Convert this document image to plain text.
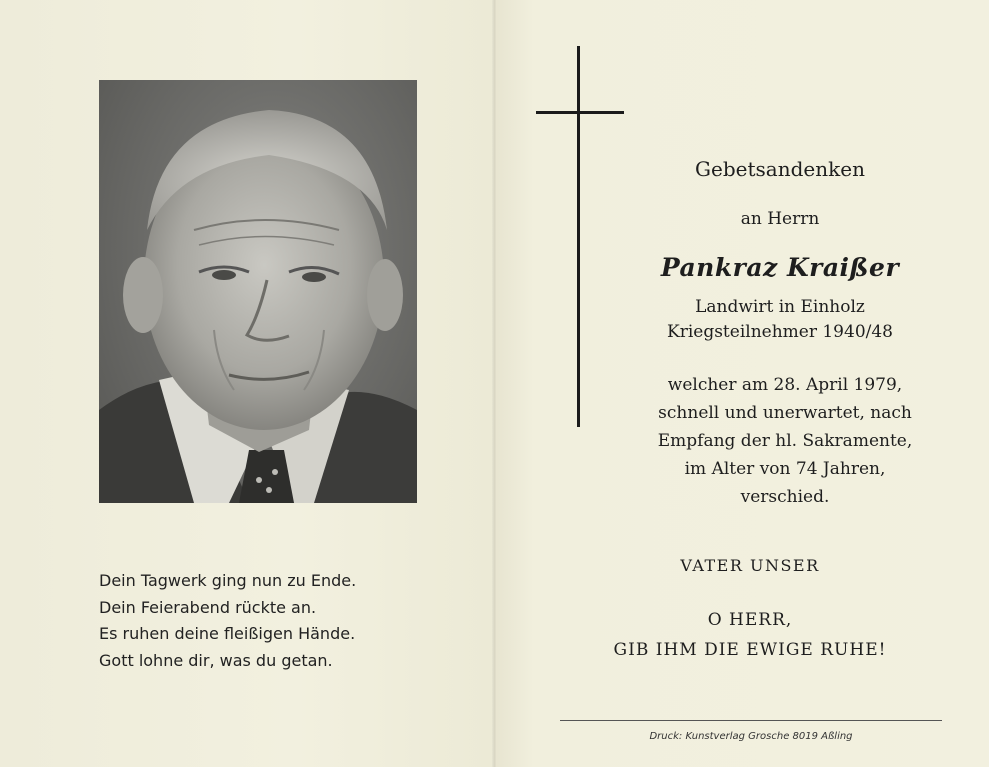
Dein Tagwerk ging nun zu Ende.
Dein Feierabend rückte an.
Es ruhen deine fleißigen Hände.
Gott lohne dir, was du getan.
Gebetsandenken
an Herrn
Pankraz Kraißer
Landwirt in Einholz
Kriegsteilnehmer 1940/48
welcher am 28. April 1979,
schnell und unerwartet, nach
Empfang der hl. Sakramente,
im Alter von 74 Jahren,
verschied.
VATER UNSER
O HERR,
GIB IHM DIE EWIGE RUHE!
Druck: Kunstverlag Grosche 8019 Aßling
